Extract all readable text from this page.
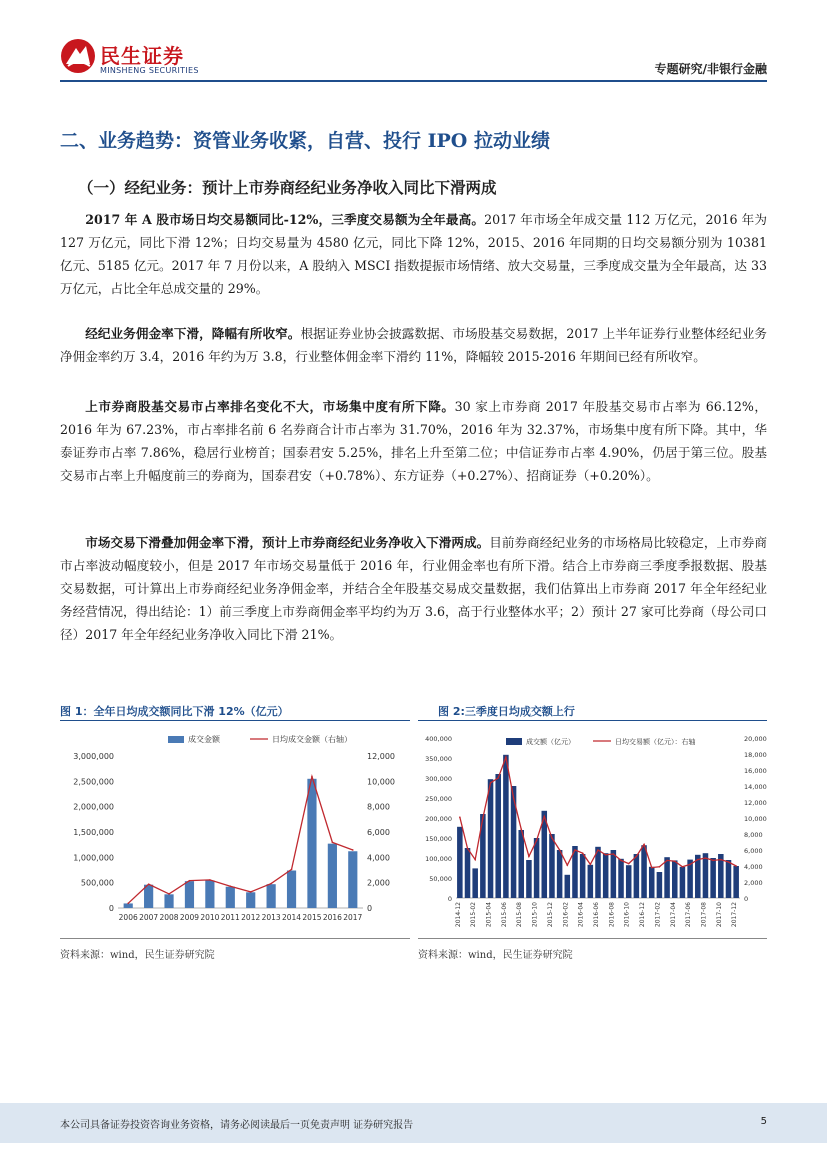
民生证券
MINSHENG SECURITIES	专题研究/非银行金融
二、业务趋势：资管业务收紧，自营、投行 IPO 拉动业绩
（一）经纪业务：预计上市券商经纪业务净收入同比下滑两成

2017 年 A 股市场日均交易额同比-12%，三季度交易额为全年最高。2017 年市场全年成交量 112 万亿元，2016 年为 127 万亿元，同比下滑 12%；日均交易量为 4580 亿元，同比下降 12%，2015、2016 年同期的日均交易额分别为 10381 亿元、5185 亿元。2017 年 7 月份以来，A 股纳入 MSCI 指数提振市场情绪、放大交易量，三季度成交量为全年最高，达 33 万亿元，占比全年总成交量的 29%。

经纪业务佣金率下滑，降幅有所收窄。根据证券业协会披露数据、市场股基交易数据，2017 上半年证券行业整体经纪业务净佣金率约万 3.4，2016 年约为万 3.8，行业整体佣金率下滑约 11%，降幅较 2015-2016 年期间已经有所收窄。

上市券商股基交易市占率排名变化不大，市场集中度有所下降。30 家上市券商 2017 年股基交易市占率为 66.12%，2016 年为 67.23%，市占率排名前 6 名券商合计市占率为 31.70%，2016 年为 32.37%，市场集中度有所下降。其中，华泰证券市占率 7.86%，稳居行业榜首；国泰君安 5.25%，排名上升至第二位；中信证券市占率 4.90%，仍居于第三位。股基交易市占率上升幅度前三的券商为，国泰君安（+0.78%）、东方证券（+0.27%）、招商证券（+0.20%）。

市场交易下滑叠加佣金率下滑，预计上市券商经纪业务净收入下滑两成。目前券商经纪业务的市场格局比较稳定，上市券商市占率波动幅度较小，但是 2017 年市场交易量低于 2016 年，行业佣金率也有所下滑。结合上市券商三季度季报数据、股基交易数据，可计算出上市券商经纪业务净佣金率，并结合全年股基交易成交量数据，我们估算出上市券商 2017 年全年经纪业务经营情况，得出结论：1）前三季度上市券商佣金率平均约为万 3.6，高于行业整体水平；2）预计 27 家可比券商（母公司口径）2017 年全年经纪业务净收入同比下滑 21%。

图 1：全年日均成交额同比下滑 12%（亿元）
0
500,000
1,000,000
1,500,000
2,000,000
2,500,000
3,000,000
0
2,000
4,000
6,000
8,000
10,000
12,000
2006 2007 2008 2009 2010 2011 2012 2013 2014 2015 2016 2017
成交金额	日均成交金额（右轴）
资料来源：wind，民生证券研究院
图 2:三季度日均成交额上行
0
50,000
100,000
150,000
200,000
250,000
300,000
350,000
400,000
0
2,000
4,000
6,000
8,000
10,000
12,000
14,000
16,000
18,000
20,000
2014-12 2015-02 2015-04 2015-06 2015-08 2015-10 2015-12 2016-02 2016-04 2016-06 2016-08 2016-10 2016-12 2017-02 2017-04 2017-06 2017-08 2017-10 2017-12
成交额（亿元）	日均交易额（亿元）：右轴
资料来源：wind，民生证券研究院
本公司具备证券投资咨询业务资格，请务必阅读最后一页免责声明 证券研究报告	5
